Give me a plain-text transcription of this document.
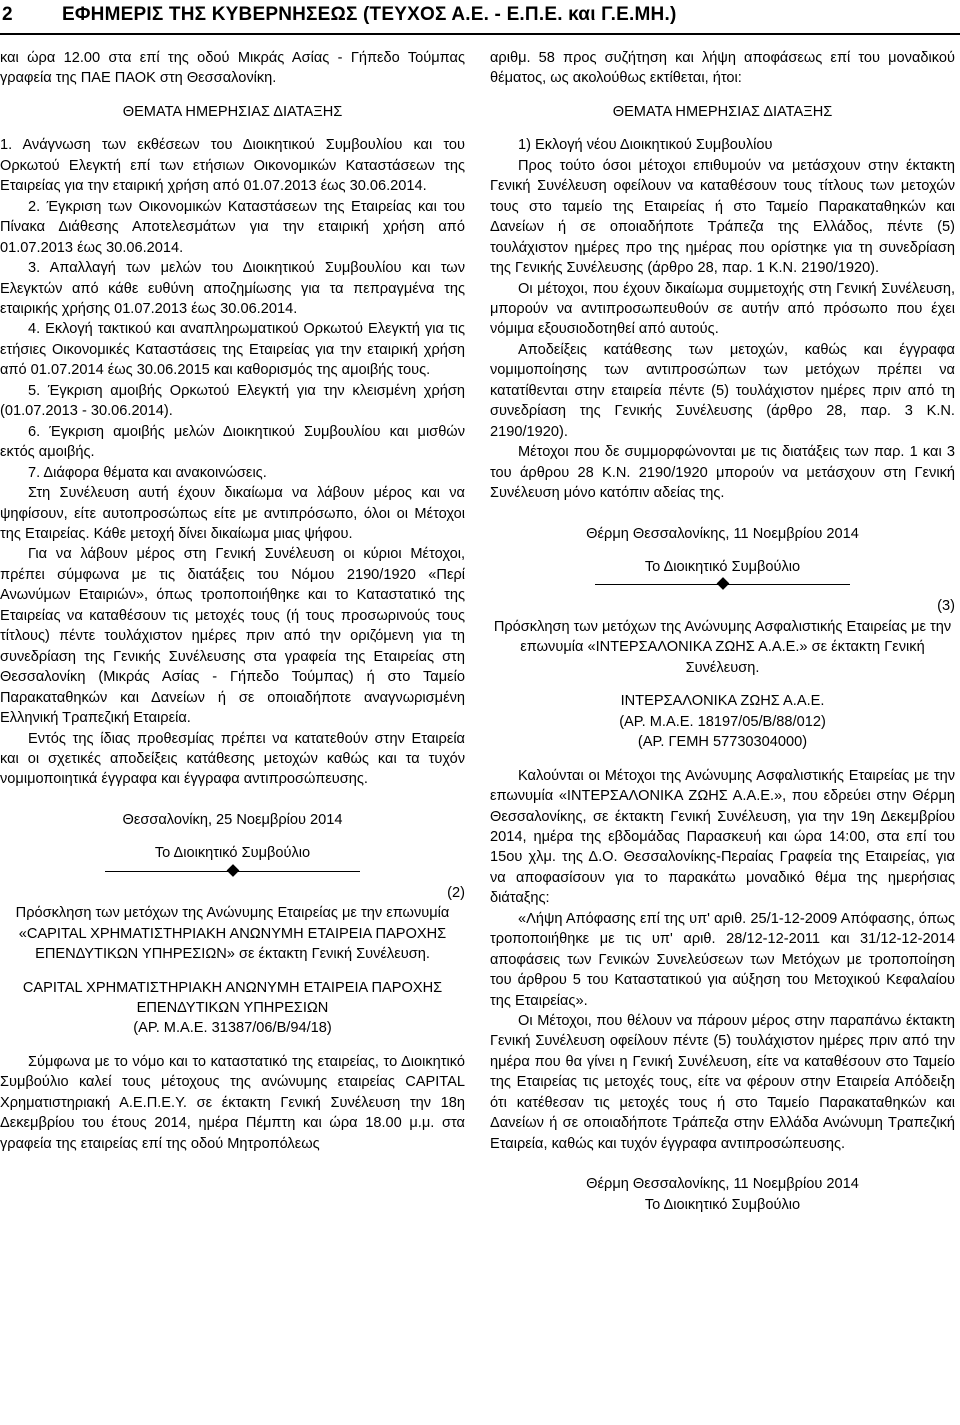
2	ΕΦΗΜΕΡΙΣ ΤΗΣ ΚΥΒΕΡΝΗΣΕΩΣ (ΤΕΥΧΟΣ Α.Ε. - Ε.Π.Ε. και Γ.Ε.ΜΗ.)

και ώρα 12.00 στα επί της οδού Μικράς Ασίας - Γήπεδο Τούμπας γραφεία της ΠΑΕ ΠΑΟΚ στη Θεσσαλονίκη.

ΘΕΜΑΤΑ ΗΜΕΡΗΣΙΑΣ ΔΙΑΤΑΞΗΣ

1. Ανάγνωση των εκθέσεων του Διοικητικού Συμβουλίου και του Ορκωτού Ελεγκτή επί των ετήσιων Οικονομικών Καταστάσεων της Εταιρείας για την εταιρική χρήση από 01.07.2013 έως 30.06.2014.

2. Έγκριση των Οικονομικών Καταστάσεων της Εταιρείας και του Πίνακα Διάθεσης Αποτελεσμάτων για την εταιρική χρήση από 01.07.2013 έως 30.06.2014.

3. Απαλλαγή των μελών του Διοικητικού Συμβουλίου και των Ελεγκτών από κάθε ευθύνη αποζημίωσης για τα πεπραγμένα της εταιρικής χρήσης 01.07.2013 έως 30.06.2014.

4. Εκλογή τακτικού και αναπληρωματικού Ορκωτού Ελεγκτή για τις ετήσιες Οικονομικές Καταστάσεις της Εταιρείας για την εταιρική χρήση από 01.07.2014 έως 30.06.2015 και καθορισμός της αμοιβής τους.

5. Έγκριση αμοιβής Ορκωτού Ελεγκτή για την κλεισμένη χρήση (01.07.2013 - 30.06.2014).

6. Έγκριση αμοιβής μελών Διοικητικού Συμβουλίου και μισθών εκτός αμοιβής.

7. Διάφορα θέματα και ανακοινώσεις.

Στη Συνέλευση αυτή έχουν δικαίωμα να λάβουν μέρος και να ψηφίσουν, είτε αυτοπροσώπως είτε με αντιπρόσωπο, όλοι οι Μέτοχοι της Εταιρείας. Κάθε μετοχή δίνει δικαίωμα μιας ψήφου.

Για να λάβουν μέρος στη Γενική Συνέλευση οι κύριοι Μέτοχοι, πρέπει σύμφωνα με τις διατάξεις του Νόμου 2190/1920 «Περί Ανωνύμων Εταιριών», όπως τροποποιήθηκε και το Καταστατικό της Εταιρείας να καταθέσουν τις μετοχές τους (ή τους προσωρινούς τους τίτλους) πέντε τουλάχιστον ημέρες πριν από την οριζόμενη για τη συνεδρίαση της Γενικής Συνέλευσης στα γραφεία της Εταιρείας στη Θεσσαλονίκη (Μικράς Ασίας - Γήπεδο Τούμπας) ή στο Ταμείο Παρακαταθηκών και Δανείων ή σε οποιαδήποτε αναγνωρισμένη Ελληνική Τραπεζική Εταιρεία.

Εντός της ίδιας προθεσμίας πρέπει να κατατεθούν στην Εταιρεία και οι σχετικές αποδείξεις κατάθεσης μετοχών καθώς και τα τυχόν νομιμοποιητικά έγγραφα και έγγραφα αντιπροσώπευσης.

Θεσσαλονίκη, 25 Νοεμβρίου 2014

Το Διοικητικό Συμβούλιο

(2)

Πρόσκληση των μετόχων της Ανώνυμης Εταιρείας με την επωνυμία «CAPITAL ΧΡΗΜΑΤΙΣΤΗΡΙΑΚΗ ΑΝΩΝΥΜΗ ΕΤΑΙΡΕΙΑ ΠΑΡΟΧΗΣ ΕΠΕΝΔΥΤΙΚΩΝ ΥΠΗΡΕΣΙΩΝ» σε έκτακτη Γενική Συνέλευση.

CAPITAL ΧΡΗΜΑΤΙΣΤΗΡΙΑΚΗ ΑΝΩΝΥΜΗ ΕΤΑΙΡΕΙΑ ΠΑΡΟΧΗΣ ΕΠΕΝΔΥΤΙΚΩΝ ΥΠΗΡΕΣΙΩΝ

(ΑΡ. Μ.Α.Ε. 31387/06/Β/94/18)

Σύμφωνα με το νόμο και το καταστατικό της εταιρείας, το Διοικητικό Συμβούλιο καλεί τους μέτοχους της ανώνυμης εταιρείας CAPITAL Χρηματιστηριακή Α.Ε.Π.Ε.Υ. σε έκτακτη Γενική Συνέλευση την 18η Δεκεμβρίου του έτους 2014, ημέρα Πέμπτη και ώρα 18.00 μ.μ. στα γραφεία της εταιρείας επί της οδού Μητροπόλεως

αριθμ. 58 προς συζήτηση και λήψη αποφάσεως επί του μοναδικού θέματος, ως ακολούθως εκτίθεται, ήτοι:

ΘΕΜΑΤΑ ΗΜΕΡΗΣΙΑΣ ΔΙΑΤΑΞΗΣ

1) Εκλογή νέου Διοικητικού Συμβουλίου

Προς τούτο όσοι μέτοχοι επιθυμούν να μετάσχουν στην έκτακτη Γενική Συνέλευση οφείλουν να καταθέσουν τους τίτλους των μετοχών τους στο ταμείο της Εταιρείας ή στο Ταμείο Παρακαταθηκών και Δανείων ή σε οποιαδήποτε Τράπεζα της Ελλάδος, πέντε (5) τουλάχιστον ημέρες προ της ημέρας που ορίστηκε για τη συνεδρίαση της Γενικής Συνέλευσης (άρθρο 28, παρ. 1 Κ.Ν. 2190/1920).

Οι μέτοχοι, που έχουν δικαίωμα συμμετοχής στη Γενική Συνέλευση, μπορούν να αντιπροσωπευθούν σε αυτήν από πρόσωπο που έχει νόμιμα εξουσιοδοτηθεί από αυτούς.

Αποδείξεις κατάθεσης των μετοχών, καθώς και έγγραφα νομιμοποίησης των αντιπροσώπων των μετόχων πρέπει να κατατίθενται στην εταιρεία πέντε (5) τουλάχιστον ημέρες πριν από τη συνεδρίαση της Γενικής Συνέλευσης (άρθρο 28, παρ. 3 Κ.Ν. 2190/1920).

Μέτοχοι που δε συμμορφώνονται με τις διατάξεις των παρ. 1 και 3 του άρθρου 28 Κ.Ν. 2190/1920 μπορούν να μετάσχουν στη Γενική Συνέλευση μόνο κατόπιν αδείας της.

Θέρμη Θεσσαλονίκης, 11 Νοεμβρίου 2014

Το Διοικητικό Συμβούλιο

(3)

Πρόσκληση των μετόχων της Ανώνυμης Ασφαλιστικής Εταιρείας με την επωνυμία «ΙΝΤΕΡΣΑΛΟΝΙΚΑ ΖΩΗΣ Α.Α.Ε.» σε έκτακτη Γενική Συνέλευση.

ΙΝΤΕΡΣΑΛΟΝΙΚΑ ΖΩΗΣ Α.Α.Ε.

(ΑΡ. Μ.Α.Ε. 18197/05/Β/88/012)

(ΑΡ. ΓΕΜΗ 57730304000)

Καλούνται οι Μέτοχοι της Ανώνυμης Ασφαλιστικής Εταιρείας με την επωνυμία «ΙΝΤΕΡΣΑΛΟΝΙΚΑ ΖΩΗΣ Α.Α.Ε.», που εδρεύει στην Θέρμη Θεσσαλονίκης, σε έκτακτη Γενική Συνέλευση, για την 19η Δεκεμβρίου 2014, ημέρα της εβδομάδας Παρασκευή και ώρα 14:00, στα επί του 15ου χλμ. της Δ.Ο. Θεσσαλονίκης-Περαίας Γραφεία της Εταιρείας, για να αποφασίσουν για το παρακάτω μοναδικό θέμα της ημερήσιας διάταξης:

«Λήψη Απόφασης επί της υπ' αριθ. 25/1-12-2009 Απόφασης, όπως τροποποιήθηκε με τις υπ' αριθ. 28/12-12-2011 και 31/12-12-2014 αποφάσεις των Γενικών Συνελεύσεων των Μετόχων με τροποποίηση του άρθρου 5 του Καταστατικού για αύξηση του Μετοχικού Κεφαλαίου της Εταιρείας».

Οι Μέτοχοι, που θέλουν να πάρουν μέρος στην παραπάνω έκτακτη Γενική Συνέλευση οφείλουν πέντε (5) τουλάχιστον ημέρες πριν από την ημέρα που θα γίνει η Γενική Συνέλευση, είτε να καταθέσουν στο Ταμείο της Εταιρείας τις μετοχές τους, είτε να φέρουν στην Εταιρεία Απόδειξη ότι κατέθεσαν τις μετοχές τους ή στο Ταμείο Παρακαταθηκών και Δανείων ή σε οποιαδήποτε Τράπεζα στην Ελλάδα Ανώνυμη Τραπεζική Εταιρεία, καθώς και τυχόν έγγραφα αντιπροσώπευσης.

Θέρμη Θεσσαλονίκης, 11 Νοεμβρίου 2014

Το Διοικητικό Συμβούλιο
